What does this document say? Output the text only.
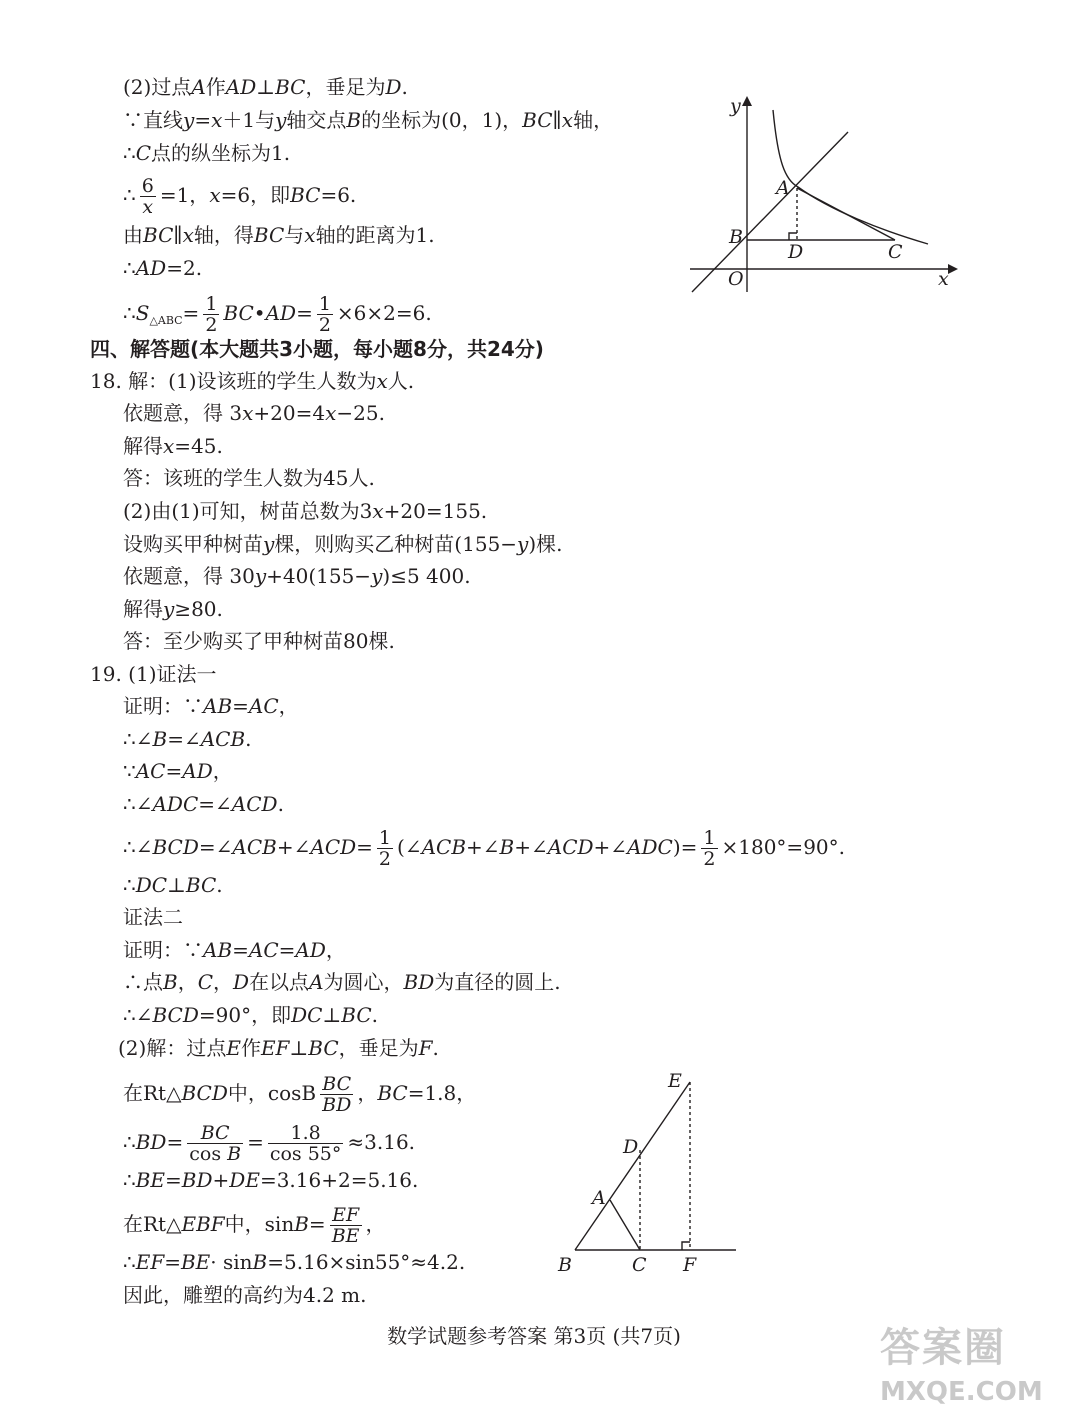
(2)过点A作AD⊥BC，垂足为D.
∵直线y=x＋1与y轴交点B的坐标为(0，1)，BC∥x轴，
∴C点的纵坐标为1.
∴ $\frac{6}{x} =1$，x=6，即BC=6.
由BC∥x轴，得BC与x轴的距离为1.
∴AD=2.
$\therefore S_{\triangle ABC}= \frac{1}{2}$ BC•AD= $\frac{1}{2} \times 6\times 2=6$.
y
x
O
A
B
C
D
四、解答题(本大题共3小题，每小题8分，共24分)
18. 解：(1)设该班的学生人数为x人.
依题意，得 3x+20=4x−25.
解得x=45.
答：该班的学生人数为45人.
(2)由(1)可知，树苗总数为3x+20=155.
设购买甲种树苗y棵，则购买乙种树苗(155−y)棵.
依题意，得 30y+40(155−y)≤5 400.
解得y≥80.
答：至少购买了甲种树苗80棵.
19. (1)证法一
证明：∵AB=AC，
∴∠B=∠ACB.
∵AC=AD，
∴∠ADC=∠ACD.
∴∠BCD=∠ACB+∠ACD= $\frac{1}{2}$ (∠ACB+∠B+∠ACD+∠ADC)= $\frac{1}{2} \times 180^\circ=90^\circ$.
∴DC⊥BC.
证法二
证明：∵AB=AC=AD，
∴点B，C，D在以点A为圆心，BD为直径的圆上.
∴∠BCD=90°，即DC⊥BC.
(2)解：过点E作EF⊥BC，垂足为F.
在Rt△BCD中，cosB $\frac{BC}{BD}$ ，BC=1.8，
∴BD= $\frac{BC}{\text{cos B}} = \frac{1.8}{\cos 55^\circ} \approx 3.16$.
∴BE=BD+DE=3.16+2=5.16.
在Rt△EBF中，$\sin B= \frac{EF}{BE}$ ，
∴EF=BE· sinB=5.16×sin55°≈4.2.
因此，雕塑的高约为4.2 m.
E
D
A
B	C F
数学试题参考答案 第3页 (共7页)	答案圈
MXQE.COM
